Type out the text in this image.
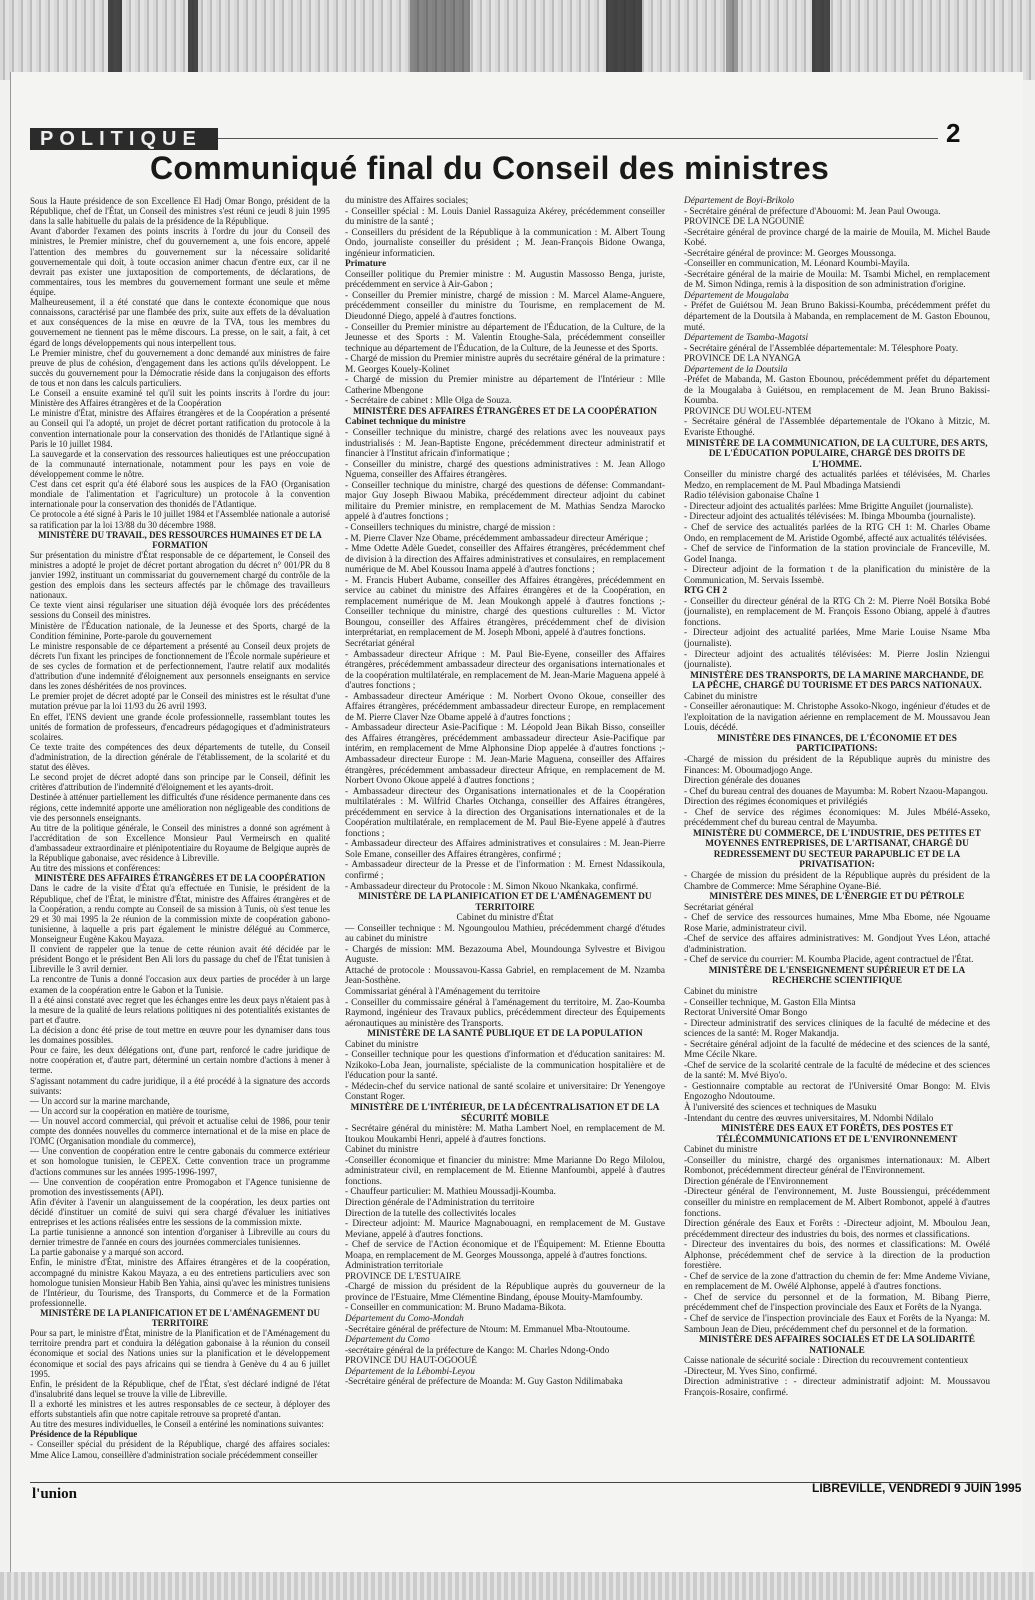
POLITIQUE	2
Communiqué final du Conseil des ministres

Sous la Haute présidence de son Excellence El Hadj Omar Bongo, président de la République, chef de l'État, un Conseil des ministres s'est réuni ce jeudi 8 juin 1995 dans la salle habituelle du palais de la présidence de la République.

Avant d'aborder l'examen des points inscrits à l'ordre du jour du Conseil des ministres, le Premier ministre, chef du gouvernement a, une fois encore, appelé l'attention des membres du gouvernement sur la nécessaire solidarité gouvernementale qui doit, à toute occasion animer chacun d'entre eux, car il ne devrait pas exister une juxtaposition de comportements, de déclarations, de commentaires, tous les membres du gouvernement formant une seule et même équipe.

Malheureusement, il a été constaté que dans le contexte économique que nous connaissons, caractérisé par une flambée des prix, suite aux effets de la dévaluation et aux conséquences de la mise en œuvre de la TVA, tous les membres du gouvernement ne tiennent pas le même discours. La presse, on le sait, a fait, à cet égard de longs développements qui nous interpellent tous.

Le Premier ministre, chef du gouvernement a donc demandé aux ministres de faire preuve de plus de cohésion, d'engagement dans les actions qu'ils développent. Le succès du gouvernement pour la Démocratie réside dans la conjugaison des efforts de tous et non dans les calculs particuliers.

Le Conseil a ensuite examiné tel qu'il suit les points inscrits à l'ordre du jour: Ministère des Affaires étrangères et de la Coopération

Le ministre d'État, ministre des Affaires étrangères et de la Coopération a présenté au Conseil qui l'a adopté, un projet de décret portant ratification du protocole à la convention internationale pour la conservation des thonidés de l'Atlantique signé à Paris le 10 juillet 1984.

La sauvegarde et la conservation des ressources halieutiques est une préoccupation de la communauté internationale, notamment pour les pays en voie de développement comme le nôtre.

C'est dans cet esprit qu'a été élaboré sous les auspices de la FAO (Organisation mondiale de l'alimentation et l'agriculture) un protocole à la convention internationale pour la conservation des thonidés de l'Atlantique.

Ce protocole a été signé à Paris le 10 juillet 1984 et l'Assemblée nationale a autorisé sa ratification par la loi 13/88 du 30 décembre 1988.

MINISTÈRE DU TRAVAIL, DES RESSOURCES HUMAINES ET DE LA FORMATION

Sur présentation du ministre d'État responsable de ce département, le Conseil des ministres a adopté le projet de décret portant abrogation du décret n° 001/PR du 8 janvier 1992, instituant un commissariat du gouvernement chargé du contrôle de la gestion des emplois dans les secteurs affectés par le chômage des travailleurs nationaux.

Ce texte vient ainsi régulariser une situation déjà évoquée lors des précédentes sessions du Conseil des ministres.

Ministère de l'Éducation nationale, de la Jeunesse et des Sports, chargé de la Condition féminine, Porte-parole du gouvernement

Le ministre responsable de ce département a présenté au Conseil deux projets de décrets l'un fixant les principes de fonctionnement de l'École normale supérieure et de ses cycles de formation et de perfectionnement, l'autre relatif aux modalités d'attribution d'une indemnité d'éloignement aux personnels enseignants en service dans les zones déshéritées de nos provinces.

Le premier projet de décret adopté par le Conseil des ministres est le résultat d'une mutation prévue par la loi 11/93 du 26 avril 1993.

En effet, l'ENS devient une grande école professionnelle, rassemblant toutes les unités de formation de professeurs, d'encadreurs pédagogiques et d'administrateurs scolaires.

Ce texte traite des compétences des deux départements de tutelle, du Conseil d'administration, de la direction générale de l'établissement, de la scolarité et du statut des élèves.

Le second projet de décret adopté dans son principe par le Conseil, définit les critères d'attribution de l'indemnité d'éloignement et les ayants-droit.

Destinée à atténuer partiellement les difficultés d'une résidence permanente dans ces régions, cette indemnité apporte une amélioration non négligeable des conditions de vie des personnels enseignants.

Au titre de la politique générale, le Conseil des ministres a donné son agrément à l'accréditation de son Excellence Monsieur Paul Vermeirsch en qualité d'ambassadeur extraordinaire et plénipotentiaire du Royaume de Belgique auprès de la République gabonaise, avec résidence à Libreville.

Au titre des missions et conférences:

MINISTÈRE DES AFFAIRES ÉTRANGÈRES ET DE LA COOPÉRATION

Dans le cadre de la visite d'État qu'a effectuée en Tunisie, le président de la République, chef de l'État, le ministre d'État, ministre des Affaires étrangères et de la Coopération, a rendu compte au Conseil de sa mission à Tunis, où s'est tenue les 29 et 30 mai 1995 la 2e réunion de la commission mixte de coopération gabono-tunisienne, à laquelle a pris part également le ministre délégué au Commerce, Monseigneur Eugène Kakou Mayaza.

Il convient de rappeler que la tenue de cette réunion avait été décidée par le président Bongo et le président Ben Ali lors du passage du chef de l'État tunisien à Libreville le 3 avril dernier.

La rencontre de Tunis a donné l'occasion aux deux parties de procéder à un large examen de la coopération entre le Gabon et la Tunisie.

Il a été ainsi constaté avec regret que les échanges entre les deux pays n'étaient pas à la mesure de la qualité de leurs relations politiques ni des potentialités existantes de part et d'autre.

La décision a donc été prise de tout mettre en œuvre pour les dynamiser dans tous les domaines possibles.

Pour ce faire, les deux délégations ont, d'une part, renforcé le cadre juridique de notre coopération et, d'autre part, déterminé un certain nombre d'actions à mener à terme.

S'agissant notamment du cadre juridique, il a été procédé à la signature des accords suivants:

— Un accord sur la marine marchande,

— Un accord sur la coopération en matière de tourisme,

— Un nouvel accord commercial, qui prévoit et actualise celui de 1986, pour tenir compte des données nouvelles du commerce international et de la mise en place de l'OMC (Organisation mondiale du commerce),

— Une convention de coopération entre le centre gabonais du commerce extérieur et son homologue tunisien, le CEPEX. Cette convention trace un programme d'actions communes sur les années 1995-1996-1997,

— Une convention de coopération entre Promogabon et l'Agence tunisienne de promotion des investissements (API).

Afin d'éviter à l'avenir un alanguissement de la coopération, les deux parties ont décidé d'instituer un comité de suivi qui sera chargé d'évaluer les initiatives entreprises et les actions réalisées entre les sessions de la commission mixte.

La partie tunisienne a annoncé son intention d'organiser à Libreville au cours du dernier trimestre de l'année en cours des journées commerciales tunisiennes.

La partie gabonaise y a marqué son accord.

Enfin, le ministre d'État, ministre des Affaires étrangères et de la coopération, accompagné du ministre Kakou Mayaza, a eu des entretiens particuliers avec son homologue tunisien Monsieur Habib Ben Yahia, ainsi qu'avec les ministres tunisiens de l'Intérieur, du Tourisme, des Transports, du Commerce et de la Formation professionnelle.

MINISTÈRE DE LA PLANIFICATION ET DE L'AMÉNAGEMENT DU TERRITOIRE

Pour sa part, le ministre d'État, ministre de la Planification et de l'Aménagement du territoire prendra part et conduira la délégation gabonaise à la réunion du conseil économique et social des Nations unies sur la planification et le développement économique et social des pays africains qui se tiendra à Genève du 4 au 6 juillet 1995.

Enfin, le président de la République, chef de l'État, s'est déclaré indigné de l'état d'insalubrité dans lequel se trouve la ville de Libreville.

Il a exhorté les ministres et les autres responsables de ce secteur, à déployer des efforts substantiels afin que notre capitale retrouve sa propreté d'antan.

Au titre des mesures individuelles, le Conseil a entériné les nominations suivantes:

Présidence de la République

- Conseiller spécial du président de la République, chargé des affaires sociales: Mme Alice Lamou, conseillère d'administration sociale précédemment conseiller

du ministre des Affaires sociales;

- Conseiller spécial : M. Louis Daniel Rassaguiza Akérey, précédemment conseiller du ministre de la santé ;

- Conseillers du président de la République à la communication : M. Albert Toung Ondo, journaliste conseiller du président ; M. Jean-François Bidone Owanga, ingénieur informaticien.

Primature

Conseiller politique du Premier ministre : M. Augustin Massosso Benga, juriste, précédemment en service à Air-Gabon ;

- Conseiller du Premier ministre, chargé de mission : M. Marcel Alame-Anguere, précédemment conseiller du ministre du Tourisme, en remplacement de M. Dieudonné Diego, appelé à d'autres fonctions.

- Conseiller du Premier ministre au département de l'Éducation, de la Culture, de la Jeunesse et des Sports : M. Valentin Etoughe-Sala, précédemment conseiller technique au département de l'Éducation, de la Culture, de la Jeunesse et des Sports.

- Chargé de mission du Premier ministre auprès du secrétaire général de la primature : M. Georges Kouely-Kolinet

- Chargé de mission du Premier ministre au département de l'Intérieur : Mlle Catherine Mbengone

- Secrétaire de cabinet : Mlle Olga de Souza.

MINISTÈRE DES AFFAIRES ÉTRANGÈRES ET DE LA COOPÉRATION

Cabinet technique du ministre

- Conseiller technique du ministre, chargé des relations avec les nouveaux pays industrialisés : M. Jean-Baptiste Engone, précédemment directeur administratif et financier à l'Institut africain d'informatique ;

- Conseiller du ministre, chargé des questions administratives : M. Jean Allogo Nguema, conseiller des Affaires étrangères.

- Conseiller technique du ministre, chargé des questions de défense: Commandant-major Guy Joseph Biwaou Mabika, précédemment directeur adjoint du cabinet militaire du Premier ministre, en remplacement de M. Mathias Sendza Marocko appelé à d'autres fonctions ;

- Conseillers techniques du ministre, chargé de mission :

- M. Pierre Claver Nze Obame, précédemment ambassadeur directeur Amérique ;

- Mme Odette Adèle Guedet, conseiller des Affaires étrangères, précédemment chef de division à la direction des Affaires administratives et consulaires, en remplacement numérique de M. Abel Koussou Inama appelé à d'autres fonctions ;

- M. Francis Hubert Aubame, conseiller des Affaires étrangères, précédemment en service au cabinet du ministre des Affaires étrangères et de la Coopération, en remplacement numérique de M. Jean Moukongh appelé à d'autres fonctions ;- Conseiller technique du ministre, chargé des questions culturelles : M. Victor Boungou, conseiller des Affaires étrangères, précédemment chef de division interprétariat, en remplacement de M. Joseph Mboni, appelé à d'autres fonctions.

Secrétariat général

- Ambassadeur directeur Afrique : M. Paul Bie-Eyene, conseiller des Affaires étrangères, précédemment ambassadeur directeur des organisations internationales et de la coopération multilatérale, en remplacement de M. Jean-Marie Maguena appelé à d'autres fonctions ;

- Ambassadeur directeur Amérique : M. Norbert Ovono Okoue, conseiller des Affaires étrangères, précédemment ambassadeur directeur Europe, en remplacement de M. Pierre Claver Nze Obame appelé à d'autres fonctions ;

- Ambassadeur directeur Asie-Pacifique : M. Léopold Jean Bikah Bisso, conseiller des Affaires étrangères, précédemment ambassadeur directeur Asie-Pacifique par intérim, en remplacement de Mme Alphonsine Diop appelée à d'autres fonctions ;- Ambassadeur directeur Europe : M. Jean-Marie Maguena, conseiller des Affaires étrangères, précédemment ambassadeur directeur Afrique, en remplacement de M. Norbert Ovono Okoue appelé à d'autres fonctions ;

- Ambassadeur directeur des Organisations internationales et de la Coopération multilatérales : M. Wilfrid Charles Otchanga, conseiller des Affaires étrangères, précédemment en service à la direction des Organisations internationales et de la Coopération multilatérale, en remplacement de M. Paul Bie-Eyene appelé à d'autres fonctions ;

- Ambassadeur directeur des Affaires administratives et consulaires : M. Jean-Pierre Sole Emane, conseiller des Affaires étrangères, confirmé ;

- Ambassadeur directeur de la Presse et de l'information : M. Ernest Ndassikoula, confirmé ;

- Ambassadeur directeur du Protocole : M. Simon Nkouo Nkankaka, confirmé.

MINISTÈRE DE LA PLANIFICATION ET DE L'AMÉNAGEMENT DU TERRITOIRE

Cabinet du ministre d'État

— Conseiller technique : M. Ngoungoulou Mathieu, précédemment chargé d'études au cabinet du ministre

- Chargés de mission: MM. Bezazouma Abel, Moundounga Sylvestre et Bivigou Auguste.

Attaché de protocole : Moussavou-Kassa Gabriel, en remplacement de M. Nzamba Jean-Sosthène.

Commissariat général à l'Aménagement du territoire

- Conseiller du commissaire général à l'aménagement du territoire, M. Zao-Koumba Raymond, ingénieur des Travaux publics, précédemment directeur des Équipements aéronautiques au ministère des Transports.

MINISTÈRE DE LA SANTÉ PUBLIQUE ET DE LA POPULATION

Cabinet du ministre

- Conseiller technique pour les questions d'information et d'éducation sanitaires: M. Nzikoko-Loba Jean, journaliste, spécialiste de la communication hospitalière et de l'éducation pour la santé.

- Médecin-chef du service national de santé scolaire et universitaire: Dr Yenengoye Constant Roger.

MINISTÈRE DE L'INTÉRIEUR, DE LA DÉCENTRALISATION ET DE LA SÉCURITÉ MOBILE

- Secrétaire général du ministère: M. Matha Lambert Noel, en remplacement de M. Itoukou Moukambi Henri, appelé à d'autres fonctions.

Cabinet du ministre

-Conseiller économique et financier du ministre: Mme Marianne Do Rego Milolou, administrateur civil, en remplacement de M. Etienne Manfoumbi, appelé à d'autres fonctions.

- Chauffeur particulier: M. Mathieu Moussadji-Koumba.

Direction générale de l'Administration du territoire

Direction de la tutelle des collectivités locales

- Directeur adjoint: M. Maurice Magnabouagni, en remplacement de M. Gustave Meviane, appelé à d'autres fonctions.

- Chef de service de l'Action économique et de l'Équipement: M. Etienne Eboutta Moapa, en remplacement de M. Georges Moussonga, appelé à d'autres fonctions.

Administration territoriale

PROVINCE DE L'ESTUAIRE

-Chargé de mission du président de la République auprès du gouverneur de la province de l'Estuaire, Mme Clémentine Bindang, épouse Mouity-Mamfoumby.

- Conseiller en communication: M. Bruno Madama-Bikota.

Département du Como-Mondah

-Secrétaire général de préfecture de Ntoum: M. Emmanuel Mba-Ntoutoume.

Département du Como

-secrétaire général de la préfecture de Kango: M. Charles Ndong-Ondo

PROVINCE DU HAUT-OGOOUÉ

Département de la Lébombi-Leyou

-Secrétaire général de préfecture de Moanda: M. Guy Gaston Ndilimabaka

Département de Boyi-Brikolo

- Secrétaire général de préfecture d'Abouomi: M. Jean Paul Owouga.

PROVINCE DE LA NGOUNIÉ

-Secrétaire général de province chargé de la mairie de Mouila, M. Michel Baude Kobé.

-Secrétaire général de province: M. Georges Moussonga.

-Conseiller en communication, M. Léonard Koumbi-Mayila.

-Secrétaire général de la mairie de Mouila: M. Tsambi Michel, en remplacement de M. Simon Ndinga, remis à la disposition de son administration d'origine.

Département de Mougalaba

- Préfet de Guiétsou M. Jean Bruno Bakissi-Koumba, précédemment préfet du département de la Doutsila à Mabanda, en remplacement de M. Gaston Ebounou, muté.

Département de Tsamba-Magotsi

- Secrétaire général de l'Assemblée départementale: M. Télesphore Poaty.

PROVINCE DE LA NYANGA

Département de la Doutsila

-Préfet de Mabanda, M. Gaston Ebounou, précédemment préfet du département de la Mougalaba à Guiétsou, en remplacement de M. Jean Bruno Bakissi-Koumba.

PROVINCE DU WOLEU-NTEM

- Secrétaire général de l'Assemblée départementale de l'Okano à Mitzic, M. Evariste Ethoughé.

MINISTÈRE DE LA COMMUNICATION, DE LA CULTURE, DES ARTS, DE L'ÉDUCATION POPULAIRE, CHARGÉ DES DROITS DE L'HOMME.

Conseiller du ministre chargé des actualités parlées et télévisées, M. Charles Medzo, en remplacement de M. Paul Mbadinga Matsiendi

Radio télévision gabonaise Chaîne 1

- Directeur adjoint des actualités parlées: Mme Brigitte Anguilet (journaliste).

- Directeur adjoint des actualités télévisées: M. Ibinga Mboumba (journaliste).

- Chef de service des actualités parlées de la RTG CH 1: M. Charles Obame Ondo, en remplacement de M. Aristide Ogombé, affecté aux actualités télévisées.

- Chef de service de l'information de la station provinciale de Franceville, M. Godel Inanga.

- Directeur adjoint de la formation t de la planification du ministère de la Communication, M. Servais Issembè.

RTG CH 2

- Conseiller du directeur général de la RTG Ch 2: M. Pierre Noël Botsika Bobé (journaliste), en remplacement de M. François Essono Obiang, appelé à d'autres fonctions.

- Directeur adjoint des actualité parlées, Mme Marie Louise Nsame Mba (journaliste).

- Directeur adjoint des actualités télévisées: M. Pierre Joslin Nziengui (journaliste).

MINISTÈRE DES TRANSPORTS, DE LA MARINE MARCHANDE, DE LA PÊCHE, CHARGÉ DU TOURISME ET DES PARCS NATIONAUX.

Cabinet du ministre

- Conseiller aéronautique: M. Christophe Assoko-Nkogo, ingénieur d'études et de l'exploitation de la navigation aérienne en remplacement de M. Moussavou Jean Louis, décédé.

MINISTÈRE DES FINANCES, DE L'ÉCONOMIE ET DES PARTICIPATIONS:

-Chargé de mission du président de la République auprès du ministre des Finances: M. Oboumadjogo Ange.

Direction générale des douanes

- Chef du bureau central des douanes de Mayumba: M. Robert Nzaou-Mapangou.

Direction des régimes économiques et privilégiés

- Chef de service des régimes économiques: M. Jules Mbélé-Asseko, précédemment chef du bureau central de Mayumba.

MINISTÈRE DU COMMERCE, DE L'INDUSTRIE, DES PETITES ET MOYENNES ENTREPRISES, DE L'ARTISANAT, CHARGÉ DU REDRESSEMENT DU SECTEUR PARAPUBLIC ET DE LA PRIVATISATION:

- Chargée de mission du président de la République auprès du président de la Chambre de Commerce: Mme Séraphine Oyane-Bié.

MINISTÈRE DES MINES, DE L'ÉNERGIE ET DU PÉTROLE

Secrétariat général

- Chef de service des ressources humaines, Mme Mba Ebome, née Ngouame Rose Marie, administrateur civil.

-Chef de service des affaires administratives: M. Gondjout Yves Léon, attaché d'administration.

- Chef de service du courrier: M. Koumba Placide, agent contractuel de l'État.

MINISTÈRE DE L'ENSEIGNEMENT SUPÉRIEUR ET DE LA RECHERCHE SCIENTIFIQUE

Cabinet du ministre

- Conseiller technique, M. Gaston Ella Mintsa

Rectorat Université Omar Bongo

- Directeur administratif des services cliniques de la faculté de médecine et des sciences de la santé: M. Roger Makandja.

- Secrétaire général adjoint de la faculté de médecine et des sciences de la santé, Mme Cécile Nkare.

-Chef de service de la scolarité centrale de la faculté de médecine et des sciences de la santé: M. Mvé Biyo'o.

- Gestionnaire comptable au rectorat de l'Université Omar Bongo: M. Elvis Engozogho Ndoutoume.

À l'université des sciences et techniques de Masuku

-Intendant du centre des œuvres universitaires, M. Ndombi Ndilalo

MINISTÈRE DES EAUX ET FORÊTS, DES POSTES ET TÉLÉCOMMUNICATIONS ET DE L'ENVIRONNEMENT

Cabinet du ministre

-Conseiller du ministre, chargé des organismes internationaux: M. Albert Rombonot, précédemment directeur général de l'Environnement.

Direction générale de l'Environnement

-Directeur général de l'environnement, M. Juste Boussiengui, précédemment conseiller du ministre en remplacement de M. Albert Rombonot, appelé à d'autres fonctions.

Direction générale des Eaux et Forêts : -Directeur adjoint, M. Mboulou Jean, précédemment directeur des industries du bois, des normes et classifications.

- Directeur des inventaires du bois, des normes et classifications: M. Owélé Alphonse, précédemment chef de service à la direction de la production forestière.

- Chef de service de la zone d'attraction du chemin de fer: Mme Andeme Viviane, en remplacement de M. Owélé Alphonse, appelé à d'autres fonctions.

- Chef de service du personnel et de la formation, M. Bibang Pierre, précédemment chef de l'inspection provinciale des Eaux et Forêts de la Nyanga.

- Chef de service de l'inspection provinciale des Eaux et Forêts de la Nyanga: M. Samboun Jean de Dieu, précédemment chef du personnel et de la formation.

MINISTÈRE DES AFFAIRES SOCIALES ET DE LA SOLIDARITÉ NATIONALE

Caisse nationale de sécurité sociale : Direction du recouvrement contentieux

-Directeur, M. Yves Sino, confirmé.

Direction administrative : - directeur administratif adjoint: M. Moussavou François-Rosaire, confirmé.

l'union	LIBREVILLE, VENDREDI 9 JUIN 1995
